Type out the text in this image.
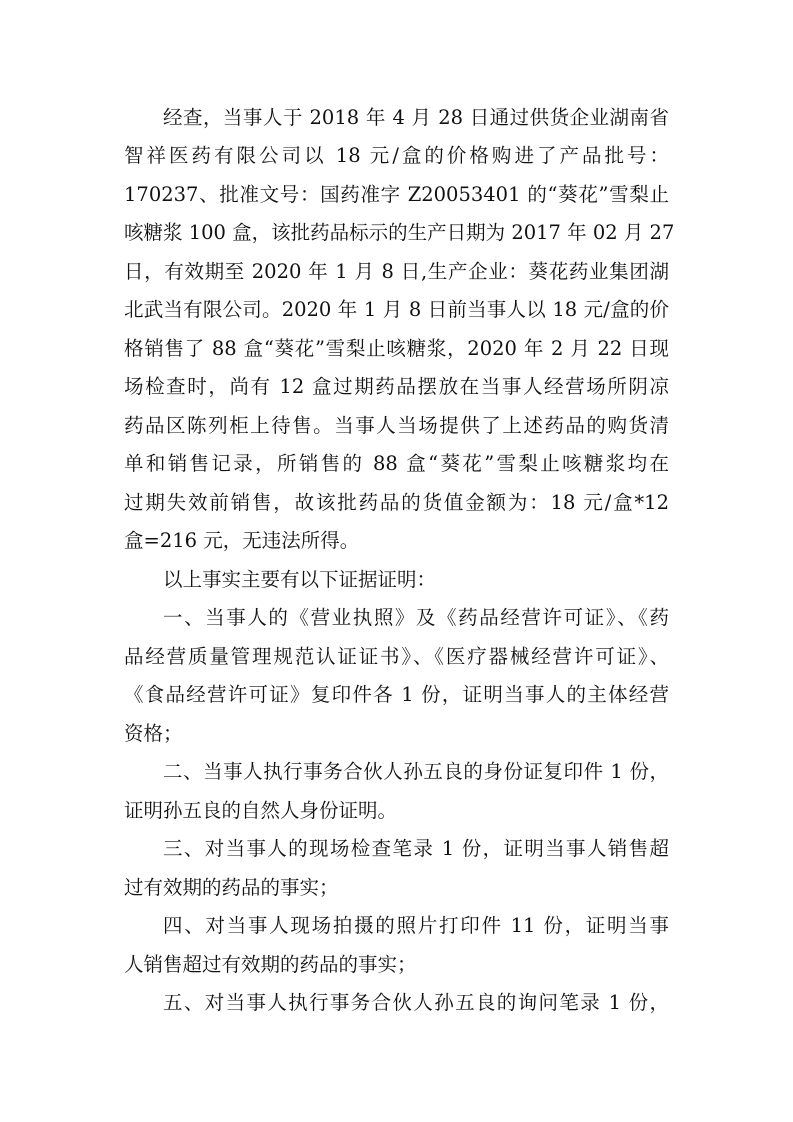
经查，当事人于 2018 年 4 月 28 日通过供货企业湖南省
智祥医药有限公司以 18 元/盒的价格购进了产品批号：
170237、批准文号：国药准字 Z20053401 的“葵花”雪梨止
咳糖浆 100 盒，该批药品标示的生产日期为 2017 年 02 月 27
日，有效期至 2020 年 1 月 8 日,生产企业：葵花药业集团湖
北武当有限公司。2020 年 1 月 8 日前当事人以 18 元/盒的价
格销售了 88 盒“葵花”雪梨止咳糖浆，2020 年 2 月 22 日现
场检查时，尚有 12 盒过期药品摆放在当事人经营场所阴凉
药品区陈列柜上待售。当事人当场提供了上述药品的购货清
单和销售记录，所销售的 88 盒“葵花”雪梨止咳糖浆均在
过期失效前销售，故该批药品的货值金额为：18 元/盒*12
盒=216 元，无违法所得。
以上事实主要有以下证据证明：
一、当事人的《营业执照》及《药品经营许可证》、《药
品经营质量管理规范认证证书》、《医疗器械经营许可证》、
《食品经营许可证》复印件各 1 份，证明当事人的主体经营
资格；
二、当事人执行事务合伙人孙五良的身份证复印件 1 份，
证明孙五良的自然人身份证明。
三、对当事人的现场检查笔录 1 份，证明当事人销售超
过有效期的药品的事实；
四、对当事人现场拍摄的照片打印件 11 份，证明当事
人销售超过有效期的药品的事实；
五、对当事人执行事务合伙人孙五良的询问笔录 1 份，
